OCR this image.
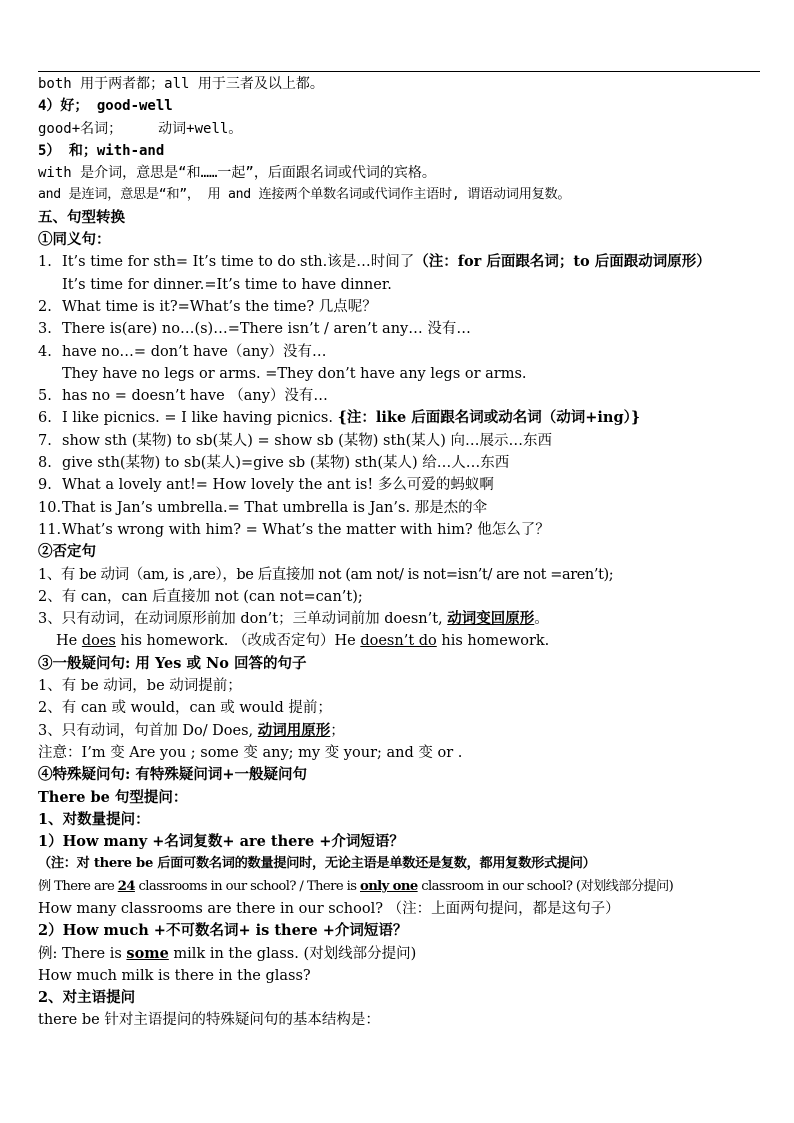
both 用于两者都；all 用于三者及以上都。
4）好； good-well
good+名词；	动词+well。
5） 和；with-and
with 是介词，意思是“和……一起”，后面跟名词或代词的宾格。
and 是连词，意思是“和”， 用 and 连接两个单数名词或代词作主语时, 谓语动词用复数。
五、句型转换
①同义句：
1. It’s time for sth= It’s time to do sth.该是…时间了（注：for 后面跟名词；to 后面跟动词原形）
It’s time for dinner.=It’s time to have dinner.
2. What time is it?=What’s the time? 几点呢？
3. There is(are) no…(s)…=There isn’t / aren’t any… 没有…
4. have no…= don’t have（any）没有…
They have no legs or arms. =They don’t have any legs or arms.
5. has no = doesn’t have （any）没有…
6. I like picnics. = I like having picnics. {注：like 后面跟名词或动名词（动词+ing）}
7. show sth (某物) to sb(某人) = show sb (某物) sth(某人) 向…展示…东西
8. give sth(某物) to sb(某人)=give sb (某物) sth(某人) 给…人…东西
9. What a lovely ant!= How lovely the ant is! 多么可爱的蚂蚁啊
10.That is Jan’s umbrella.= That umbrella is Jan’s. 那是杰的伞
11.What’s wrong with him? = What’s the matter with him? 他怎么了？
②否定句
1、有 be 动词（am, is ,are），be 后直接加 not (am not/ is not=isn’t/ are not =aren’t);
2、有 can，can 后直接加 not (can not=can’t);
3、只有动词，在动词原形前加 don’t；三单动词前加 doesn’t, 动词变回原形。
He does his homework. （改成否定句）He doesn’t do his homework.
③一般疑问句: 用 Yes 或 No 回答的句子
1、有 be 动词，be 动词提前；
2、有 can 或 would，can 或 would 提前；
3、只有动词，句首加 Do/ Does, 动词用原形；
注意：I’m 变 Are you ; some 变 any; my 变 your; and 变 or .
④特殊疑问句: 有特殊疑问词+一般疑问句
There be 句型提问：
1、对数量提问：
1）How many +名词复数+ are there +介词短语？
（注：对 there be 后面可数名词的数量提问时，无论主语是单数还是复数，都用复数形式提问）
例 There are 24 classrooms in our school? / There is only one classroom in our school? (对划线部分提问)
How many classrooms are there in our school? （注：上面两句提问，都是这句子）
2）How much +不可数名词+ is there +介词短语？
例: There is some milk in the glass. (对划线部分提问)
How much milk is there in the glass?
2、对主语提问
there be 针对主语提问的特殊疑问句的基本结构是：
